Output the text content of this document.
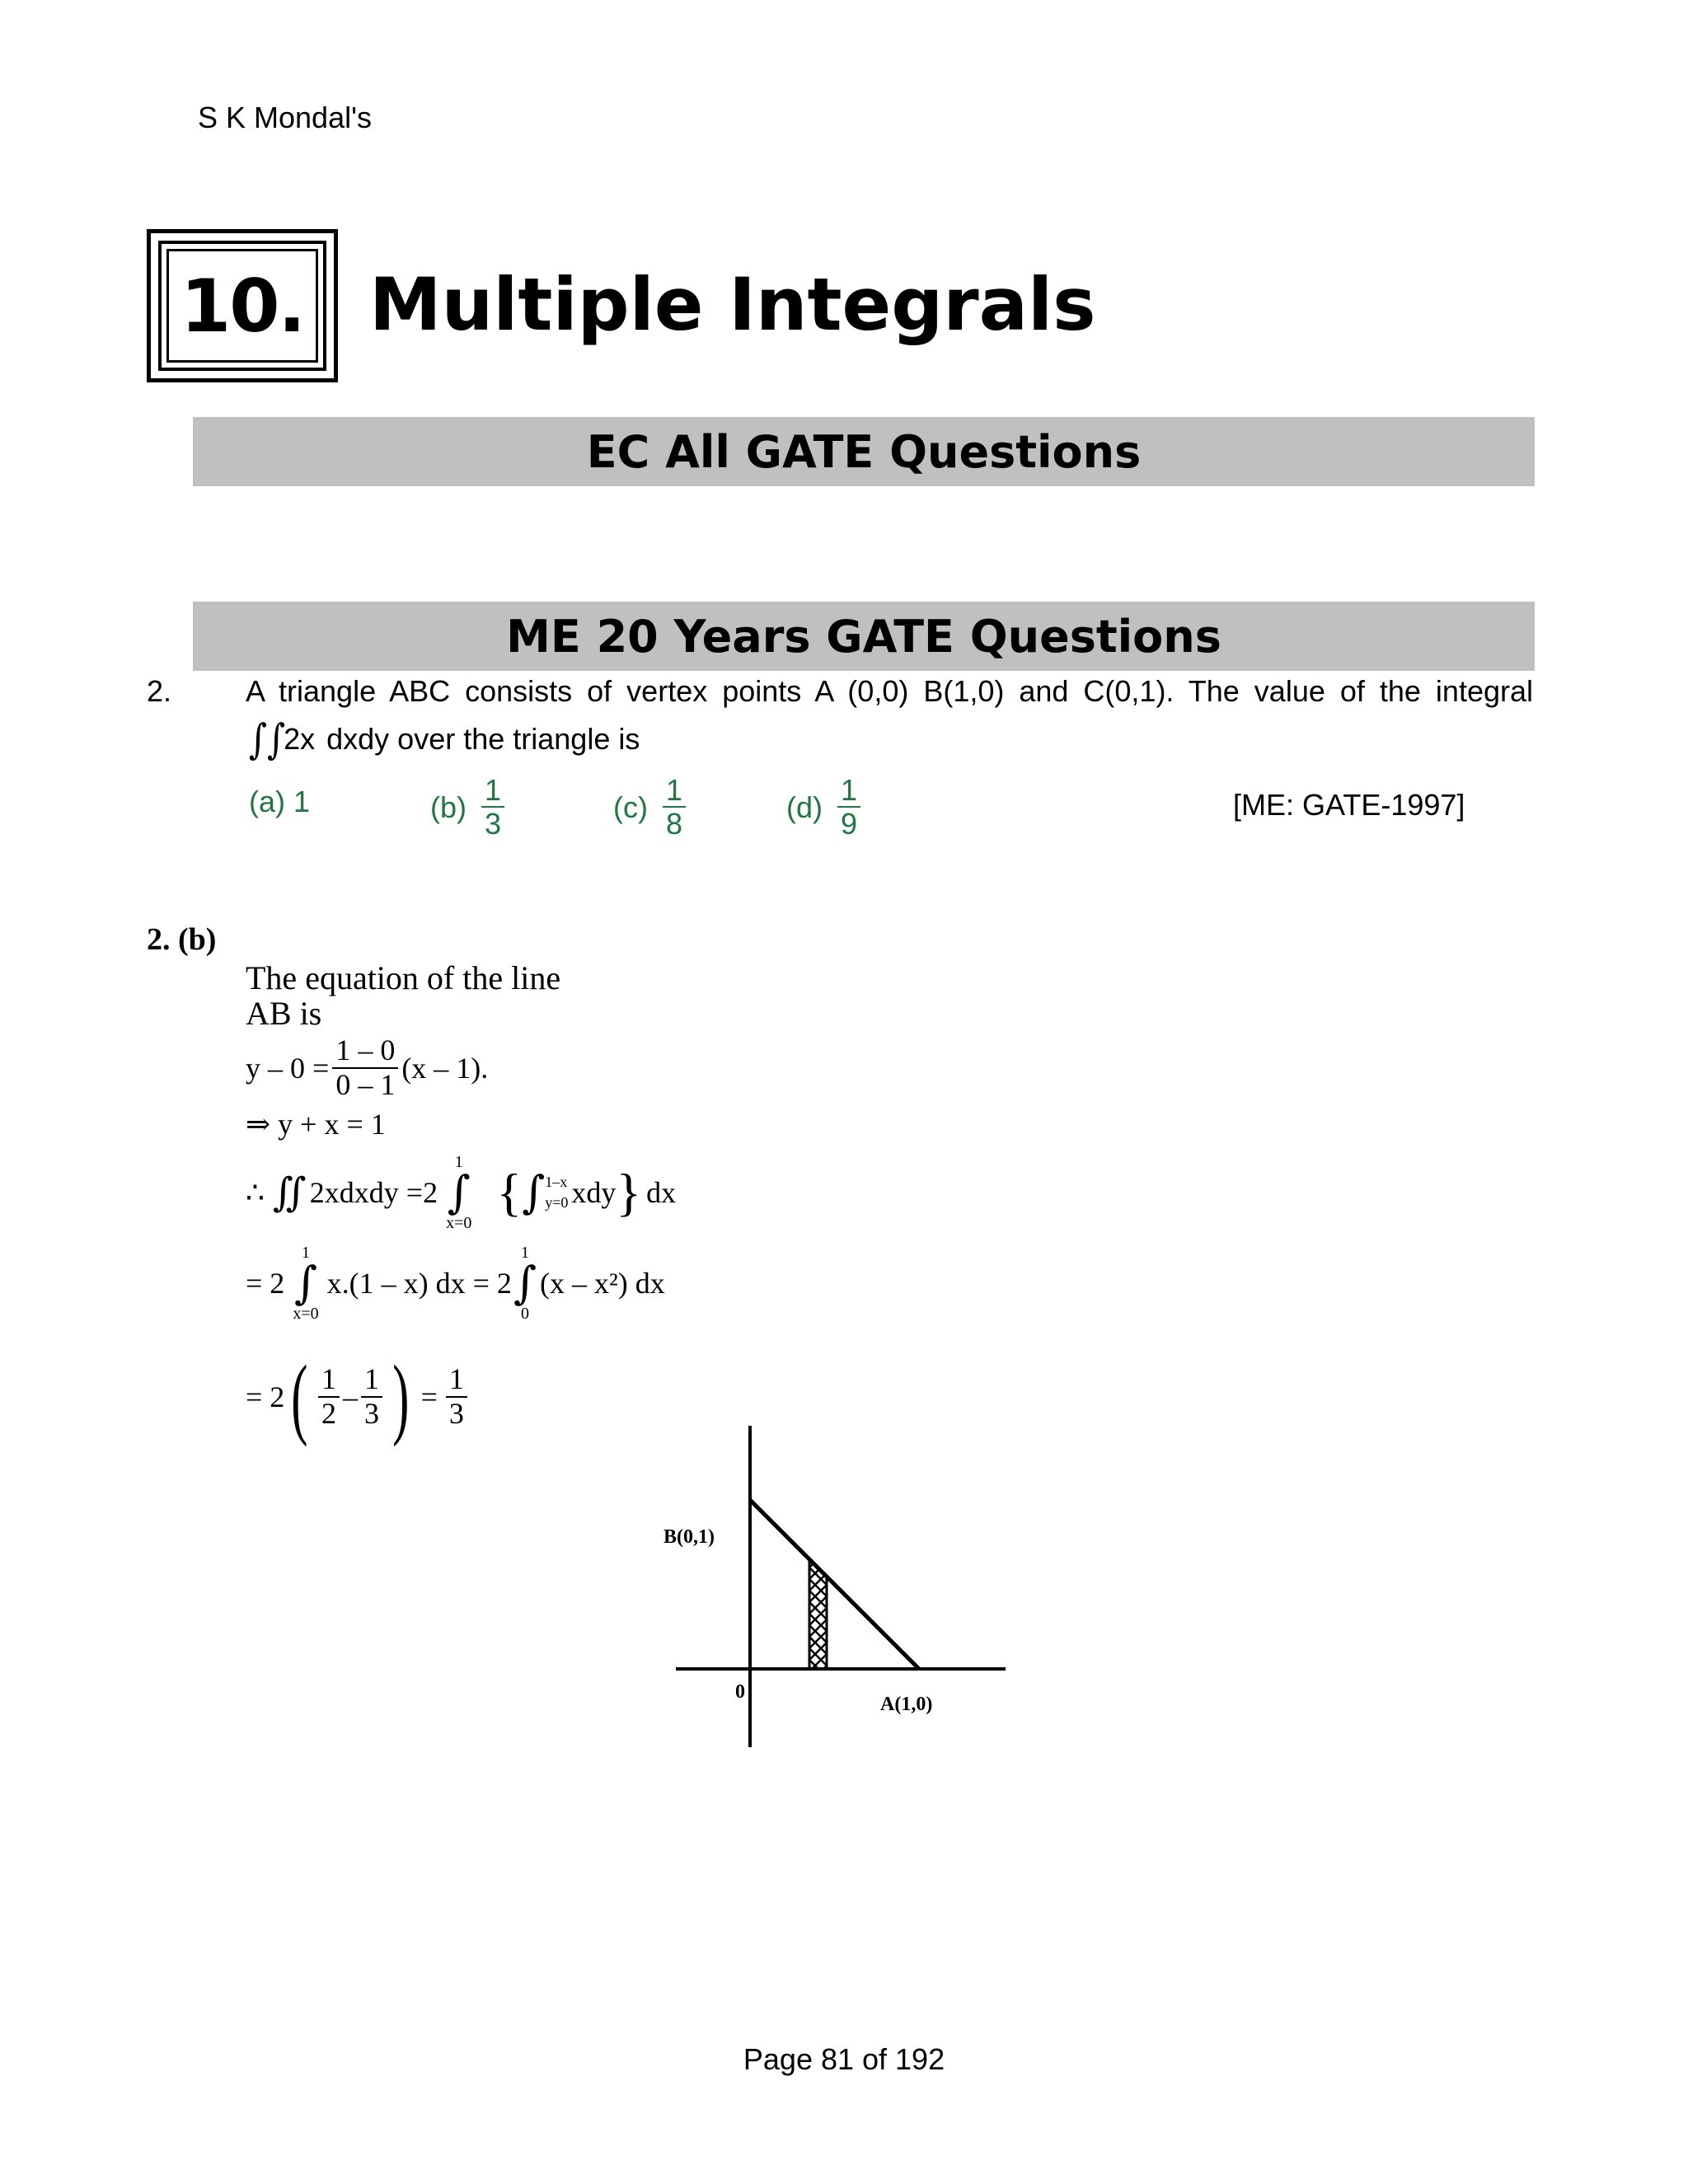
S K Mondal's
10. Multiple Integrals
EC All GATE Questions
ME 20 Years GATE Questions
2. A triangle ABC consists of vertex points A (0,0) B(1,0) and C(0,1). The value of the integral
∫∫
2x dxdy over the triangle is
(a) 1	$(b) \frac{1}{3}$	$(c) \frac{1}{8}$	$(d) \frac{1}{9}$	[ME: GATE-1997]
2. (b)
The equation of the line
AB is
$y - 0 = \frac{1 - 0}{0 - 1} (x - 1)$.
⇒ y + x = 1
∴ ∬ 2xdxdy =2
1
∫
x=0
{ ∫ 1–x
y=0 xdy } dx
= 2
1
∫
x=0
x.(1 – x) dx = 2
1
∫
0
(x – x²) dx
= 2 ( 1
2 –
1
3 ) = $\frac{1}{3}$
B(0,1)
0
A(1,0)
Page 81 of 192
